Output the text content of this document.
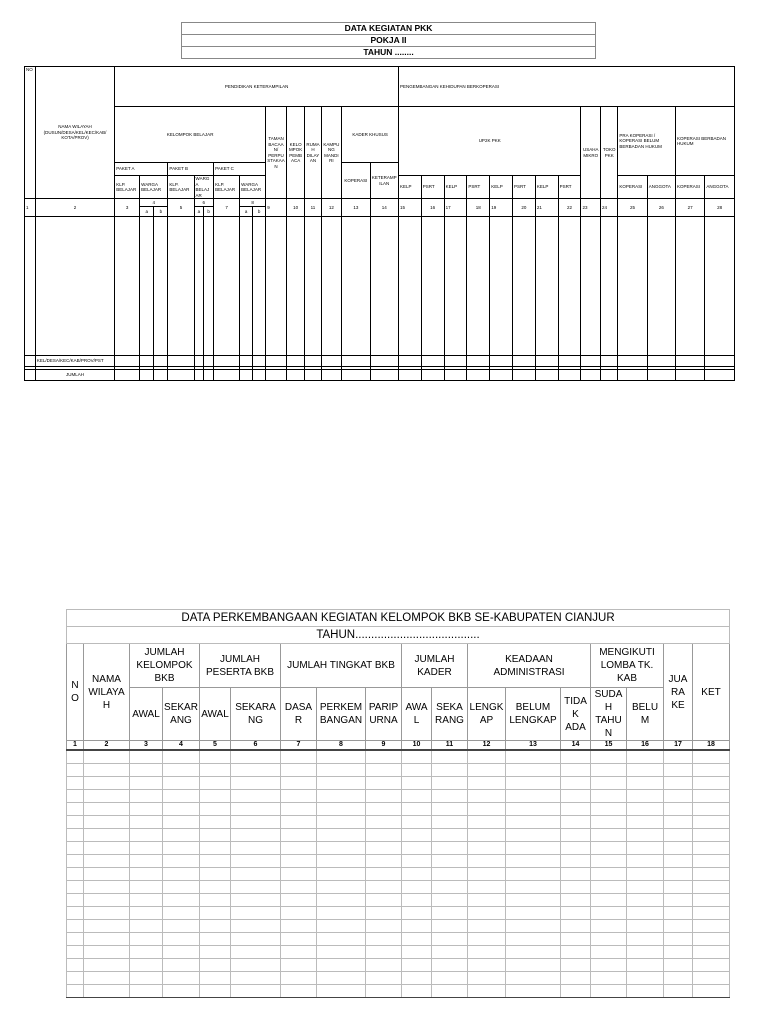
DATA KEGIATAN PKK
POKJA II
TAHUN ........
NO	NAMA WILAYAH (DUSUN/DESA/KEL/KEC/KAB/ KOTA/PROV)	PENDIDIKAN KETERAMPILAN															PENGEMBANGAN KEHIDUPAN BERKOPERASI													
		KELOMPOK BELAJAR									TAMAN BACAAN/ PERPUSTAKAAN	KELOMPOK PEMBACA	RUMAH DILAYAN	KAMPUNG MANDIRI	KADER KHUSUS		UP2K PKK								USAHA MIKRO	TOKO PKK	PRA KOPERASI / KOPERASI BELUM BERBADAN HUKUM		KOPERASI BERBADAN HUKUM	
		PAKET A			PAKET B			PAKET C							KOPERASI	KETERAMPILAN														
		KLP. BELAJAR	WARGA BELAJAR		KLP. BELAJAR	WARGA BELAJAR		KLP. BELAJAR	WARGA BELAJAR								KELP	PSRT	KELP	PSRT	KELP	PSRT	KELP	PSRT			KOPERASI	ANGGOTA	KOPERASI	ANGGOTA
1	2	3	4		5	6		7	8		9	10	11	12	13	14	15	16	17	18	19	20	21	22	23	24	25	26	27	28
			a	b		a	b		a	b																				

	KEL/DESA/KEC/KAB/PROV/PST																													

	JUMLAH																													
DATA PERKEMBANGAAN KEGIATAN KELOMPOK BKB SE-KABUPATEN CIANJUR																	
TAHUN.......................................																	
NO	NAMA WILAYAH	JUMLAH KELOMPOK BKB		JUMLAH PESERTA BKB		JUMLAH TINGKAT BKB			JUMLAH KADER		KEADAAN ADMINISTRASI			MENGIKUTI LOMBA TK. KAB		JUARA KE	KET
		AWAL	SEKARANG	AWAL	SEKARANG	DASAR	PERKEMBANGAN	PARIPURNA	AWAL	SEKARANG	LENGKAP	BELUM LENGKAP	TIDAK ADA	SUDAH TAHUN	BELUM		
1	2	3	4	5	6	7	8	9	10	11	12	13	14	15	16	17	18
